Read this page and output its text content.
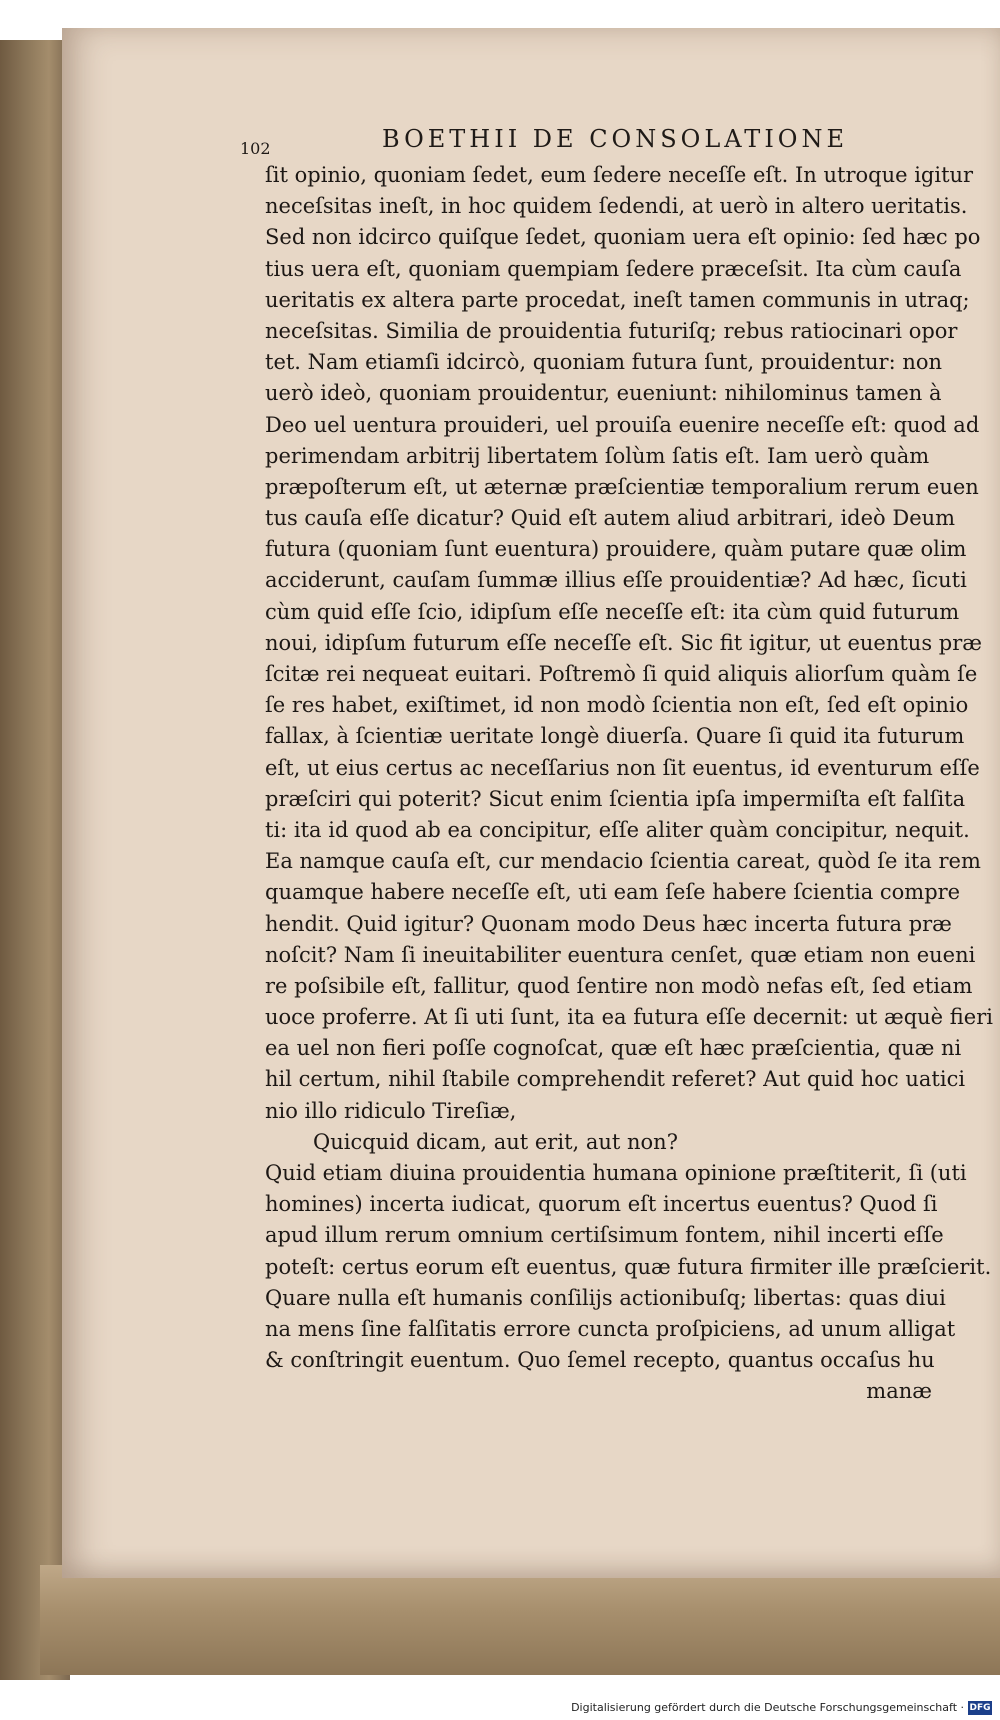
102	BOETHII DE CONSOLATIONE
ſit opinio, quoniam ſedet, eum ſedere neceſſe eſt. In utroque igitur
neceſsitas ineſt, in hoc quidem ſedendi, at uerò in altero ueritatis.
Sed non idcirco quiſque ſedet, quoniam uera eſt opinio: ſed hæc po
tius uera eſt, quoniam quempiam ſedere præceſsit. Ita cùm cauſa
ueritatis ex altera parte procedat, ineſt tamen communis in utraq;
neceſsitas. Similia de prouidentia futuriſq; rebus ratiocinari opor
tet. Nam etiamſi idcircò, quoniam futura ſunt, prouidentur: non
uerò ideò, quoniam prouidentur, eueniunt: nihilominus tamen à
Deo uel uentura prouideri, uel prouiſa euenire neceſſe eſt: quod ad
perimendam arbitrij libertatem ſolùm ſatis eſt. Iam uerò quàm
præpoſterum eſt, ut æternæ præſcientiæ temporalium rerum euen
tus cauſa eſſe dicatur? Quid eſt autem aliud arbitrari, ideò Deum
futura (quoniam ſunt euentura) prouidere, quàm putare quæ olim
acciderunt, cauſam ſummæ illius eſſe prouidentiæ? Ad hæc, ſicuti
cùm quid eſſe ſcio, idipſum eſſe neceſſe eſt: ita cùm quid futurum
noui, idipſum futurum eſſe neceſſe eſt. Sic fit igitur, ut euentus præ
ſcitæ rei nequeat euitari. Poſtremò ſi quid aliquis aliorſum quàm ſe
ſe res habet, exiſtimet, id non modò ſcientia non eſt, ſed eſt opinio
fallax, à ſcientiæ ueritate longè diuerſa. Quare ſi quid ita futurum
eſt, ut eius certus ac neceſſarius non ſit euentus, id eventurum eſſe
præſciri qui poterit? Sicut enim ſcientia ipſa impermiſta eſt falſita
ti: ita id quod ab ea concipitur, eſſe aliter quàm concipitur, nequit.
Ea namque cauſa eſt, cur mendacio ſcientia careat, quòd ſe ita rem
quamque habere neceſſe eſt, uti eam ſeſe habere ſcientia compre
hendit. Quid igitur? Quonam modo Deus hæc incerta futura præ
noſcit? Nam ſi ineuitabiliter euentura cenſet, quæ etiam non eueni
re poſsibile eſt, fallitur, quod ſentire non modò nefas eſt, ſed etiam
uoce proferre. At ſi uti ſunt, ita ea futura eſſe decernit: ut æquè fieri
ea uel non fieri poſſe cognoſcat, quæ eſt hæc præſcientia, quæ ni
hil certum, nihil ſtabile comprehendit referet? Aut quid hoc uatici
nio illo ridiculo Tireſiæ,
Quicquid dicam, aut erit, aut non?
Quid etiam diuina prouidentia humana opinione præſtiterit, ſi (uti
homines) incerta iudicat, quorum eſt incertus euentus? Quod ſi
apud illum rerum omnium certiſsimum fontem, nihil incerti eſſe
poteſt: certus eorum eſt euentus, quæ futura firmiter ille præſcierit.
Quare nulla eſt humanis conſilijs actionibuſq; libertas: quas diui
na mens ſine falſitatis errore cuncta proſpiciens, ad unum alligat
& conſtringit euentum. Quo ſemel recepto, quantus occaſus hu
manæ
Digitalisierung gefördert durch die Deutsche Forschungsgemeinschaft · DFG
